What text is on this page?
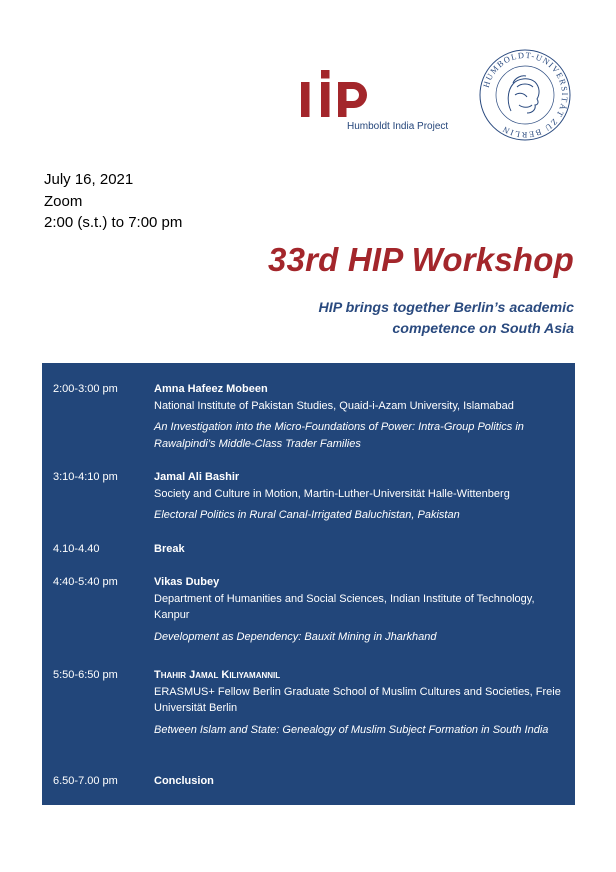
Humboldt India Project
HUMBOLDT-UNIVERSITÄT ZU BERLIN
July 16, 2021
Zoom
2:00 (s.t.) to 7:00 pm
33rd HIP Workshop
HIP brings together Berlin’s academic competence on South Asia
2:00-3:00 pm	Amna Hafeez Mobeen
National Institute of Pakistan Studies, Quaid-i-Azam University, Islamabad
An Investigation into the Micro-Foundations of Power: Intra-Group Politics in Rawalpindi’s Middle-Class Trader Families
3:10-4:10 pm	Jamal Ali Bashir
Society and Culture in Motion, Martin-Luther-Universität Halle-Wittenberg
Electoral Politics in Rural Canal-Irrigated Baluchistan, Pakistan
4.10-4.40	Break
4:40-5:40 pm	Vikas Dubey
Department of Humanities and Social Sciences, Indian Institute of Technology, Kanpur
Development as Dependency: Bauxit Mining in Jharkhand
5:50-6:50 pm	Thahir Jamal Kiliyamannil
ERASMUS+ Fellow Berlin Graduate School of Muslim Cultures and Societies, Freie Universität Berlin
Between Islam and State: Genealogy of Muslim Subject Formation in South India
6.50-7.00 pm	Conclusion
